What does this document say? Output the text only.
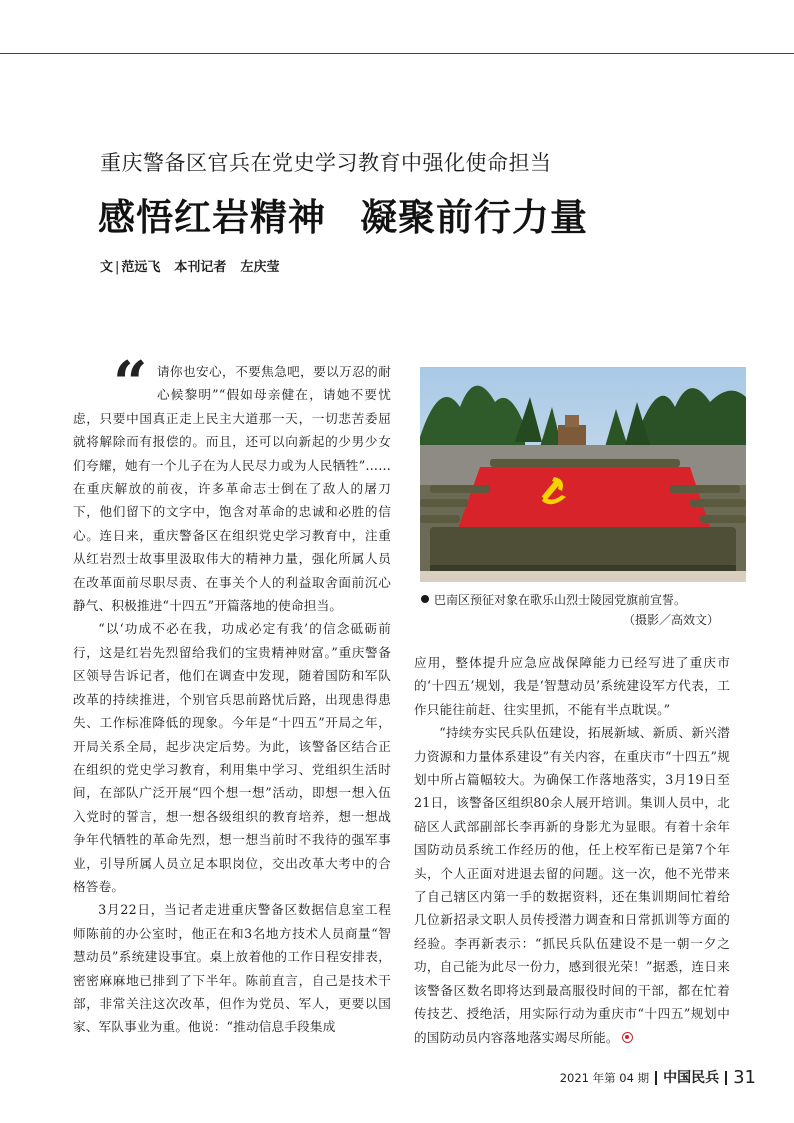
重庆警备区官兵在党史学习教育中强化使命担当
感悟红岩精神 凝聚前行力量
文 | 范远飞 本刊记者 左庆莹
“ 请你也安心，不要焦急吧，要以万忍的耐心候黎明”“假如母亲健在，请她不要忧虑，只要中国真正走上民主大道那一天，一切悲苦委屈就将解除而有报偿的。而且，还可以向新起的少男少女们夸耀，她有一个儿子在为人民尽力或为人民牺牲”……在重庆解放的前夜，许多革命志士倒在了敌人的屠刀下，他们留下的文字中，饱含对革命的忠诚和必胜的信心。连日来，重庆警备区在组织党史学习教育中，注重从红岩烈士故事里汲取伟大的精神力量，强化所属人员在改革面前尽职尽责、在事关个人的利益取舍面前沉心静气、积极推进“十四五”开篇落地的使命担当。

“以‘功成不必在我，功成必定有我’的信念砥砺前行，这是红岩先烈留给我们的宝贵精神财富。”重庆警备区领导告诉记者，他们在调查中发现，随着国防和军队改革的持续推进，个别官兵思前路忧后路，出现患得患失、工作标准降低的现象。今年是“十四五”开局之年，开局关系全局，起步决定后势。为此，该警备区结合正在组织的党史学习教育，利用集中学习、党组织生活时间，在部队广泛开展“四个想一想”活动，即想一想入伍入党时的誓言，想一想各级组织的教育培养，想一想战争年代牺牲的革命先烈，想一想当前时不我待的强军事业，引导所属人员立足本职岗位，交出改革大考中的合格答卷。

3月22日，当记者走进重庆警备区数据信息室工程师陈前的办公室时，他正在和3名地方技术人员商量“智慧动员”系统建设事宜。桌上放着他的工作日程安排表，密密麻麻地已排到了下半年。陈前直言，自己是技术干部，非常关注这次改革，但作为党员、军人，更要以国家、军队事业为重。他说：“推动信息手段集成

巴南区预征对象在歌乐山烈士陵园党旗前宣誓。
（摄影／高效文）

应用，整体提升应急应战保障能力已经写进了重庆市的‘十四五’规划，我是‘智慧动员’系统建设军方代表，工作只能往前赶、往实里抓，不能有半点耽误。”

“持续夯实民兵队伍建设，拓展新域、新质、新兴潜力资源和力量体系建设”有关内容，在重庆市“十四五”规划中所占篇幅较大。为确保工作落地落实，3月19日至21日，该警备区组织80余人展开培训。集训人员中，北碚区人武部副部长李再新的身影尤为显眼。有着十余年国防动员系统工作经历的他，任上校军衔已是第7个年头，个人正面对进退去留的问题。这一次，他不光带来了自己辖区内第一手的数据资料，还在集训期间忙着给几位新招录文职人员传授潜力调查和日常抓训等方面的经验。李再新表示：“抓民兵队伍建设不是一朝一夕之功，自己能为此尽一份力，感到很光荣！”据悉，连日来该警备区数名即将达到最高服役时间的干部，都在忙着传技艺、授绝活，用实际行动为重庆市“十四五”规划中的国防动员内容落地落实竭尽所能。

2021 年第 04 期 中国民兵 31
